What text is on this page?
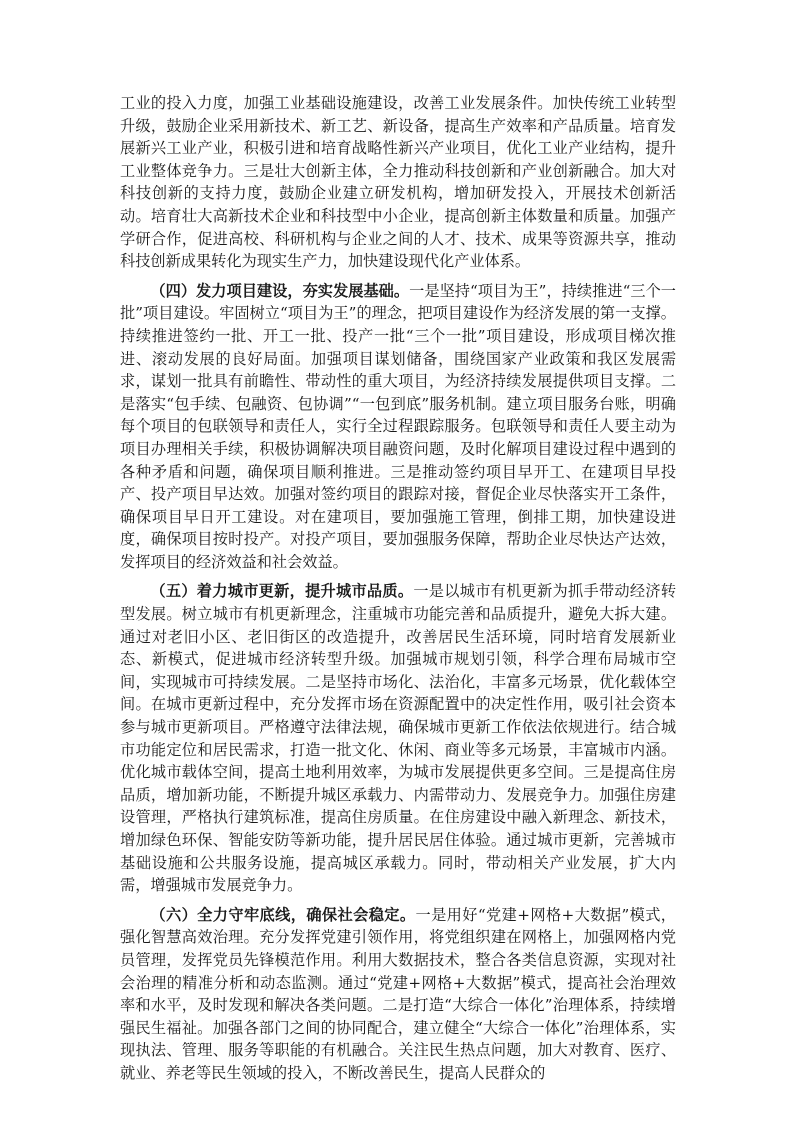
工业的投入力度，加强工业基础设施建设，改善工业发展条件。加快传统工业转型升级，鼓励企业采用新技术、新工艺、新设备，提高生产效率和产品质量。培育发展新兴工业产业，积极引进和培育战略性新兴产业项目，优化工业产业结构，提升工业整体竞争力。三是壮大创新主体，全力推动科技创新和产业创新融合。加大对科技创新的支持力度，鼓励企业建立研发机构，增加研发投入，开展技术创新活动。培育壮大高新技术企业和科技型中小企业，提高创新主体数量和质量。加强产学研合作，促进高校、科研机构与企业之间的人才、技术、成果等资源共享，推动科技创新成果转化为现实生产力，加快建设现代化产业体系。

（四）发力项目建设，夯实发展基础。一是坚持“项目为王”，持续推进“三个一批”项目建设。牢固树立“项目为王”的理念，把项目建设作为经济发展的第一支撑。持续推进签约一批、开工一批、投产一批“三个一批”项目建设，形成项目梯次推进、滚动发展的良好局面。加强项目谋划储备，围绕国家产业政策和我区发展需求，谋划一批具有前瞻性、带动性的重大项目，为经济持续发展提供项目支撑。二是落实“包手续、包融资、包协调”“一包到底”服务机制。建立项目服务台账，明确每个项目的包联领导和责任人，实行全过程跟踪服务。包联领导和责任人要主动为项目办理相关手续，积极协调解决项目融资问题，及时化解项目建设过程中遇到的各种矛盾和问题，确保项目顺利推进。三是推动签约项目早开工、在建项目早投产、投产项目早达效。加强对签约项目的跟踪对接，督促企业尽快落实开工条件，确保项目早日开工建设。对在建项目，要加强施工管理，倒排工期，加快建设进度，确保项目按时投产。对投产项目，要加强服务保障，帮助企业尽快达产达效，发挥项目的经济效益和社会效益。

（五）着力城市更新，提升城市品质。一是以城市有机更新为抓手带动经济转型发展。树立城市有机更新理念，注重城市功能完善和品质提升，避免大拆大建。通过对老旧小区、老旧街区的改造提升，改善居民生活环境，同时培育发展新业态、新模式，促进城市经济转型升级。加强城市规划引领，科学合理布局城市空间，实现城市可持续发展。二是坚持市场化、法治化，丰富多元场景，优化载体空间。在城市更新过程中，充分发挥市场在资源配置中的决定性作用，吸引社会资本参与城市更新项目。严格遵守法律法规，确保城市更新工作依法依规进行。结合城市功能定位和居民需求，打造一批文化、休闲、商业等多元场景，丰富城市内涵。优化城市载体空间，提高土地利用效率，为城市发展提供更多空间。三是提高住房品质，增加新功能，不断提升城区承载力、内需带动力、发展竞争力。加强住房建设管理，严格执行建筑标准，提高住房质量。在住房建设中融入新理念、新技术，增加绿色环保、智能安防等新功能，提升居民居住体验。通过城市更新，完善城市基础设施和公共服务设施，提高城区承载力。同时，带动相关产业发展，扩大内需，增强城市发展竞争力。

（六）全力守牢底线，确保社会稳定。一是用好“党建+网格+大数据”模式，强化智慧高效治理。充分发挥党建引领作用，将党组织建在网格上，加强网格内党员管理，发挥党员先锋模范作用。利用大数据技术，整合各类信息资源，实现对社会治理的精准分析和动态监测。通过“党建+网格+大数据”模式，提高社会治理效率和水平，及时发现和解决各类问题。二是打造“大综合一体化”治理体系，持续增强民生福祉。加强各部门之间的协同配合，建立健全“大综合一体化”治理体系，实现执法、管理、服务等职能的有机融合。关注民生热点问题，加大对教育、医疗、就业、养老等民生领域的投入，不断改善民生，提高人民群众的
